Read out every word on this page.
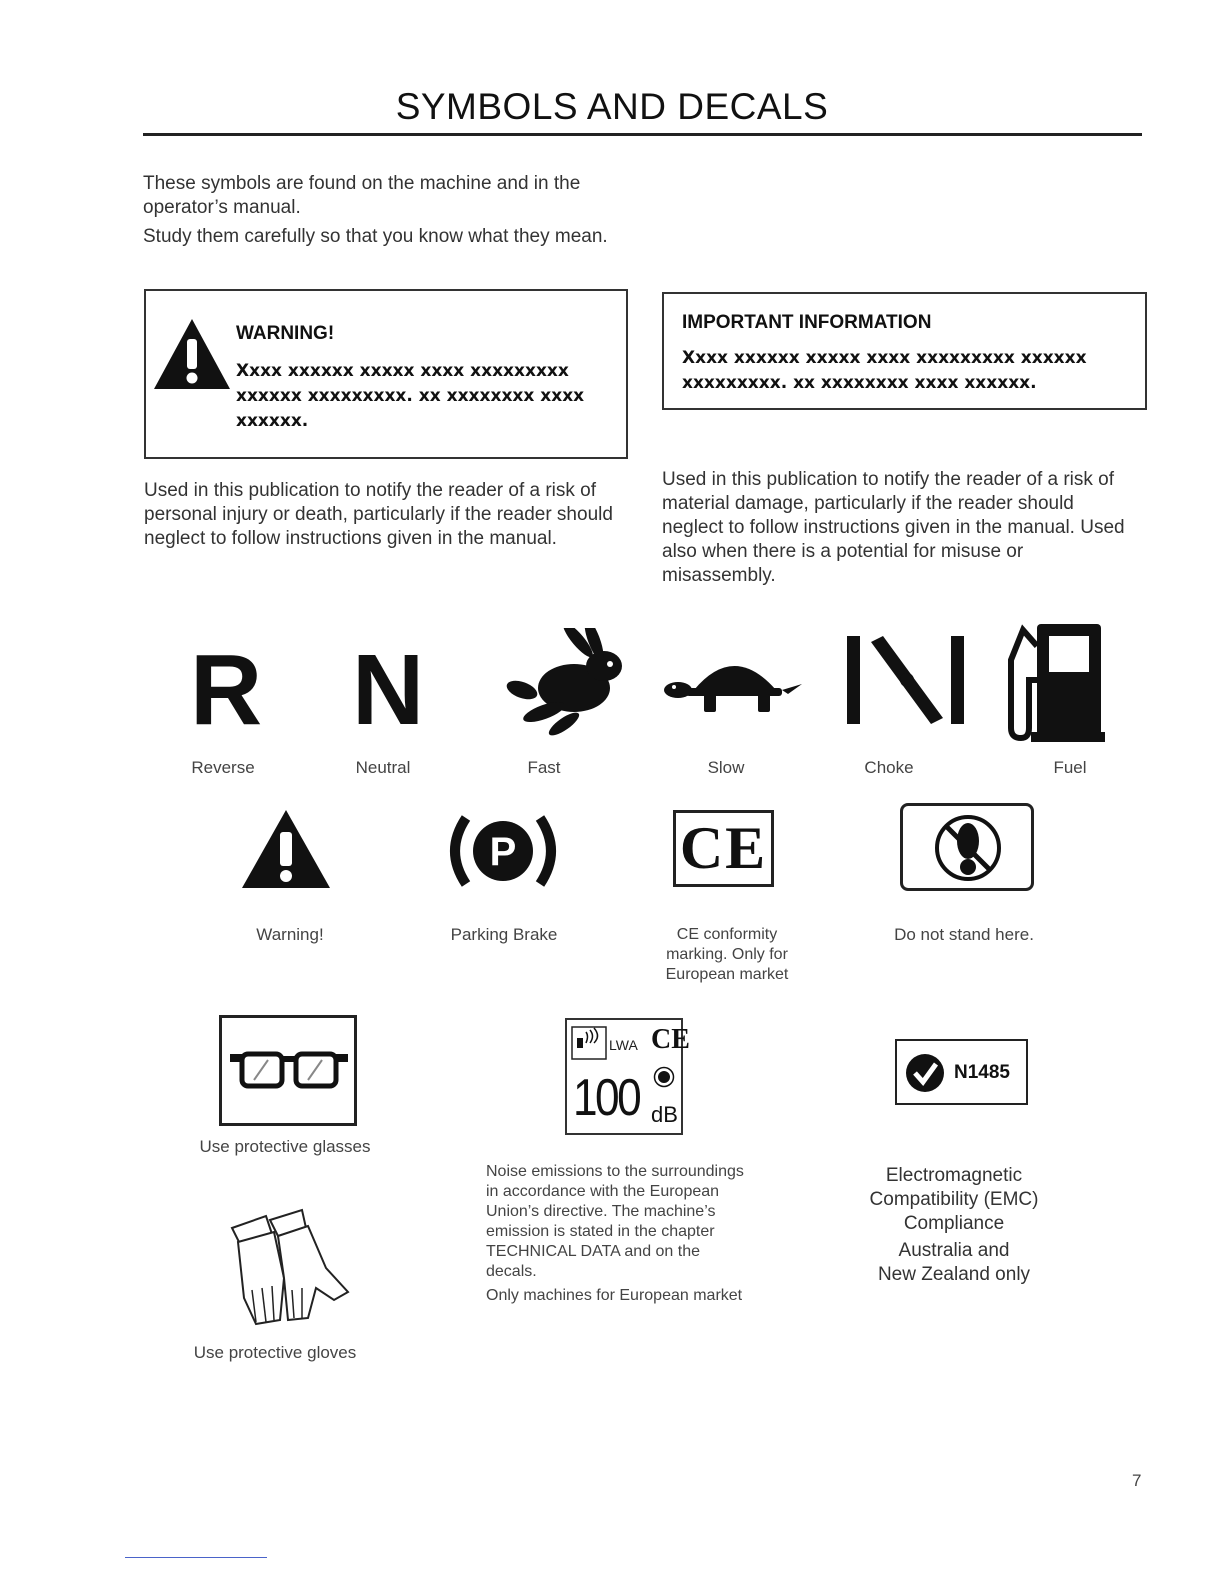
SYMBOLS AND DECALS
These symbols are found on the machine and in the operator’s manual.
Study them carefully so that you know what they mean.
WARNING!
Xxxx xxxxxx xxxxx xxxx xxxxxxxxx xxxxxx xxxxxxxxx. xx xxxxxxxx xxxx xxxxxx.
Used in this publication to notify the reader of a risk of personal injury or death, particularly if the reader should neglect to follow instructions given in the manual.
IMPORTANT INFORMATION
Xxxx xxxxxx xxxxx xxxx xxxxxxxxx xxxxxx xxxxxxxxx. xx xxxxxxxx xxxx xxxxxx.
Used in this publication to notify the reader of a risk of material damage, particularly if the reader should neglect to follow instructions given in the manual. Used also when there is a potential for misuse or misassembly.
R
Reverse
N
Neutral	Fast	Slow	Choke	Fuel
Warning!
P
Parking Brake
CE
CE conformity
marking. Only for
European market
Do not stand here.
Use protective glasses
Use protective gloves
LWA CE
100 dB
Noise emissions to the surroundings
in accordance with the European
Union’s directive. The machine’s
emission is stated in the chapter
TECHNICAL DATA and on the
decals.
Only machines for European market
N1485
Electromagnetic
Compatibility (EMC)
Compliance
Australia and
New Zealand only
7
